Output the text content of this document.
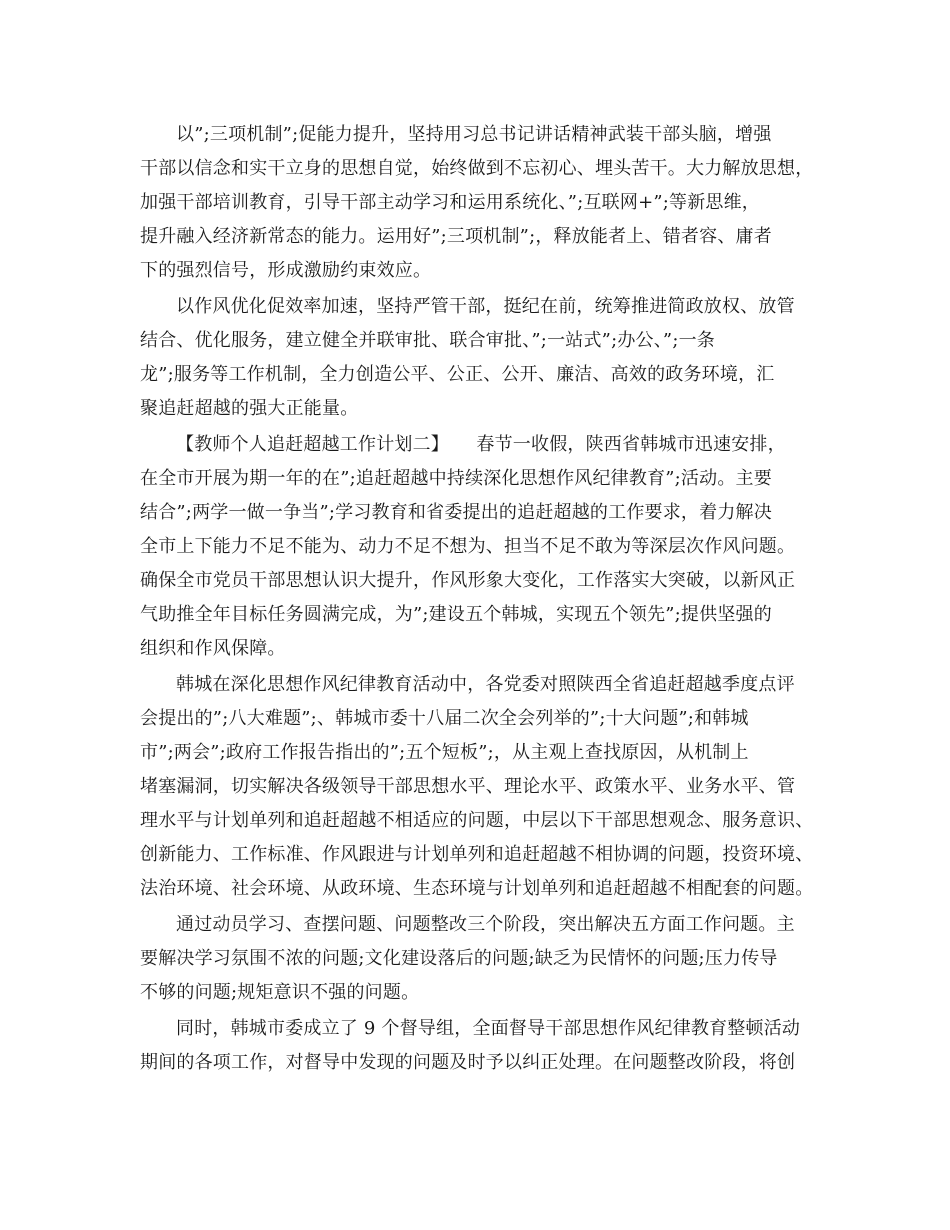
以”;三项机制”;促能力提升，坚持用习总书记讲话精神武装干部头脑，增强
干部以信念和实干立身的思想自觉，始终做到不忘初心、埋头苦干。大力解放思想，
加强干部培训教育，引导干部主动学习和运用系统化、”;互联网+”;等新思维，
提升融入经济新常态的能力。运用好”;三项机制”;，释放能者上、错者容、庸者
下的强烈信号，形成激励约束效应。
以作风优化促效率加速，坚持严管干部，挺纪在前，统筹推进简政放权、放管
结合、优化服务，建立健全并联审批、联合审批、”;一站式”;办公、”;一条
龙”;服务等工作机制，全力创造公平、公正、公开、廉洁、高效的政务环境，汇
聚追赶超越的强大正能量。
【教师个人追赶超越工作计划二】　　春节一收假，陕西省韩城市迅速安排，
在全市开展为期一年的在”;追赶超越中持续深化思想作风纪律教育”;活动。主要
结合”;两学一做一争当”;学习教育和省委提出的追赶超越的工作要求，着力解决
全市上下能力不足不能为、动力不足不想为、担当不足不敢为等深层次作风问题。
确保全市党员干部思想认识大提升，作风形象大变化，工作落实大突破，以新风正
气助推全年目标任务圆满完成，为”;建设五个韩城，实现五个领先”;提供坚强的
组织和作风保障。
韩城在深化思想作风纪律教育活动中，各党委对照陕西全省追赶超越季度点评
会提出的”;八大难题”;、韩城市委十八届二次全会列举的”;十大问题”;和韩城
市”;两会”;政府工作报告指出的”;五个短板”;，从主观上查找原因，从机制上
堵塞漏洞，切实解决各级领导干部思想水平、理论水平、政策水平、业务水平、管
理水平与计划单列和追赶超越不相适应的问题，中层以下干部思想观念、服务意识、
创新能力、工作标准、作风跟进与计划单列和追赶超越不相协调的问题，投资环境、
法治环境、社会环境、从政环境、生态环境与计划单列和追赶超越不相配套的问题。
通过动员学习、查摆问题、问题整改三个阶段，突出解决五方面工作问题。主
要解决学习氛围不浓的问题;文化建设落后的问题;缺乏为民情怀的问题;压力传导
不够的问题;规矩意识不强的问题。
同时，韩城市委成立了 9 个督导组，全面督导干部思想作风纪律教育整顿活动
期间的各项工作，对督导中发现的问题及时予以纠正处理。在问题整改阶段，将创
